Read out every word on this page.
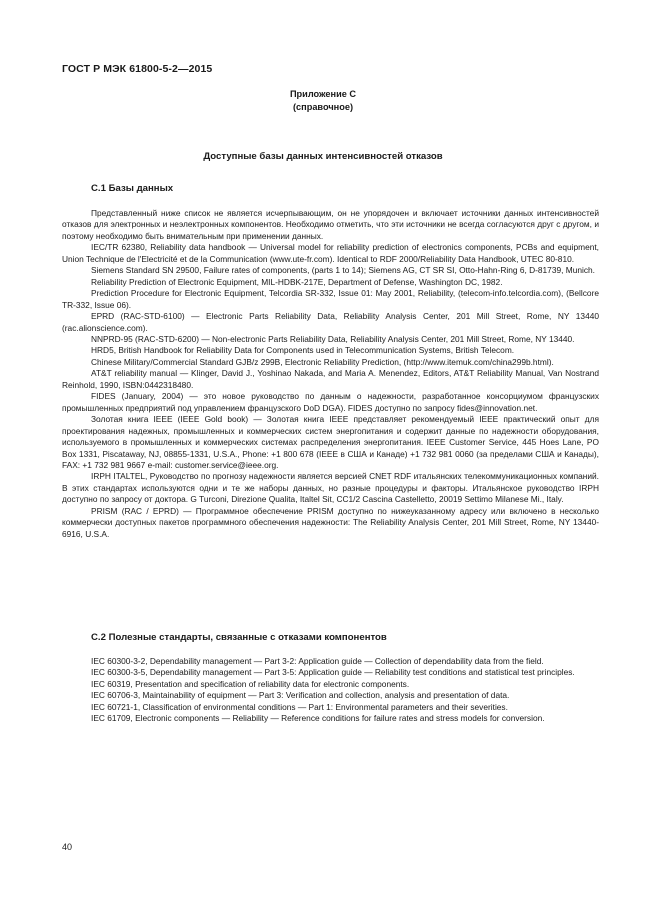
ГОСТ Р МЭК 61800-5-2—2015
Приложение С
(справочное)
Доступные базы данных интенсивностей отказов
С.1 Базы данных

Представленный ниже список не является исчерпывающим, он не упорядочен и включает источники данных интенсивностей отказов для электронных и неэлектронных компонентов. Необходимо отметить, что эти источники не всегда согласуются друг с другом, и поэтому необходимо быть внимательным при применении данных.

IEC/TR 62380, Reliability data handbook — Universal model for reliability prediction of electronics components, PCBs and equipment, Union Technique de l'Electricité et de la Communication (www.ute-fr.com). Identical to RDF 2000/Reliability Data Handbook, UTEC 80-810.

Siemens Standard SN 29500, Failure rates of components, (parts 1 to 14); Siemens AG, CT SR SI, Otto-Hahn-Ring 6, D-81739, Munich.

Reliability Prediction of Electronic Equipment, MIL-HDBK-217E, Department of Defense, Washington DC, 1982.

Prediction Procedure for Electronic Equipment, Telcordia SR-332, Issue 01: May 2001, Reliability, (telecom-info.telcordia.com), (Bellcore TR-332, Issue 06).

EPRD (RAC-STD-6100) — Electronic Parts Reliability Data, Reliability Analysis Center, 201 Mill Street, Rome, NY 13440 (rac.alionscience.com).

NNPRD-95 (RAC-STD-6200) — Non-electronic Parts Reliability Data, Reliability Analysis Center, 201 Mill Street, Rome, NY 13440.

HRD5, British Handbook for Reliability Data for Components used in Telecommunication Systems, British Telecom.

Chinese Military/Commercial Standard GJB/z 299B, Electronic Reliability Prediction, (http://www.itemuk.com/china299b.html).

AT&T reliability manual — Klinger, David J., Yoshinao Nakada, and Maria A. Menendez, Editors, AT&T Reliability Manual, Van Nostrand Reinhold, 1990, ISBN:0442318480.

FIDES (January, 2004) — это новое руководство по данным о надежности, разработанное консорциумом французских промышленных предприятий под управлением французского DoD DGA). FIDES доступно по запросу fides@innovation.net.

Золотая книга IEEE (IEEE Gold book) — Золотая книга IEEE представляет рекомендуемый IEEE практический опыт для проектирования надежных, промышленных и коммерческих систем энергопитания и содержит данные по надежности оборудования, используемого в промышленных и коммерческих системах распределения энергопитания. IEEE Customer Service, 445 Hoes Lane, PO Box 1331, Piscataway, NJ, 08855-1331, U.S.A., Phone: +1 800 678 (IEEE в США и Канаде) +1 732 981 0060 (за пределами США и Канады), FAX: +1 732 981 9667 e-mail: customer.service@ieee.org.

IRPH ITALTEL, Руководство по прогнозу надежности является версией CNET RDF итальянских телекоммуникационных компаний. В этих стандартах используются одни и те же наборы данных, но разные процедуры и факторы. Итальянское руководство IRPH доступно по запросу от доктора. G Turconi, Direzione Qualita, Italtel Sit, CC1/2 Cascina Castelletto, 20019 Settimo Milanese Mi., Italy.

PRISM (RAC / EPRD) — Программное обеспечение PRISM доступно по нижеуказанному адресу или включено в несколько коммерчески доступных пакетов программного обеспечения надежности: The Reliability Analysis Center, 201 Mill Street, Rome, NY 13440-6916, U.S.A.

С.2 Полезные стандарты, связанные с отказами компонентов

IEC 60300-3-2, Dependability management — Part 3-2: Application guide — Collection of dependability data from the field.

IEC 60300-3-5, Dependability management — Part 3-5: Application guide — Reliability test conditions and statistical test principles.

IEC 60319, Presentation and specification of reliability data for electronic components.

IEC 60706-3, Maintainability of equipment — Part 3: Verification and collection, analysis and presentation of data.

IEC 60721-1, Classification of environmental conditions — Part 1: Environmental parameters and their severities.

IEC 61709, Electronic components — Reliability — Reference conditions for failure rates and stress models for conversion.

40
